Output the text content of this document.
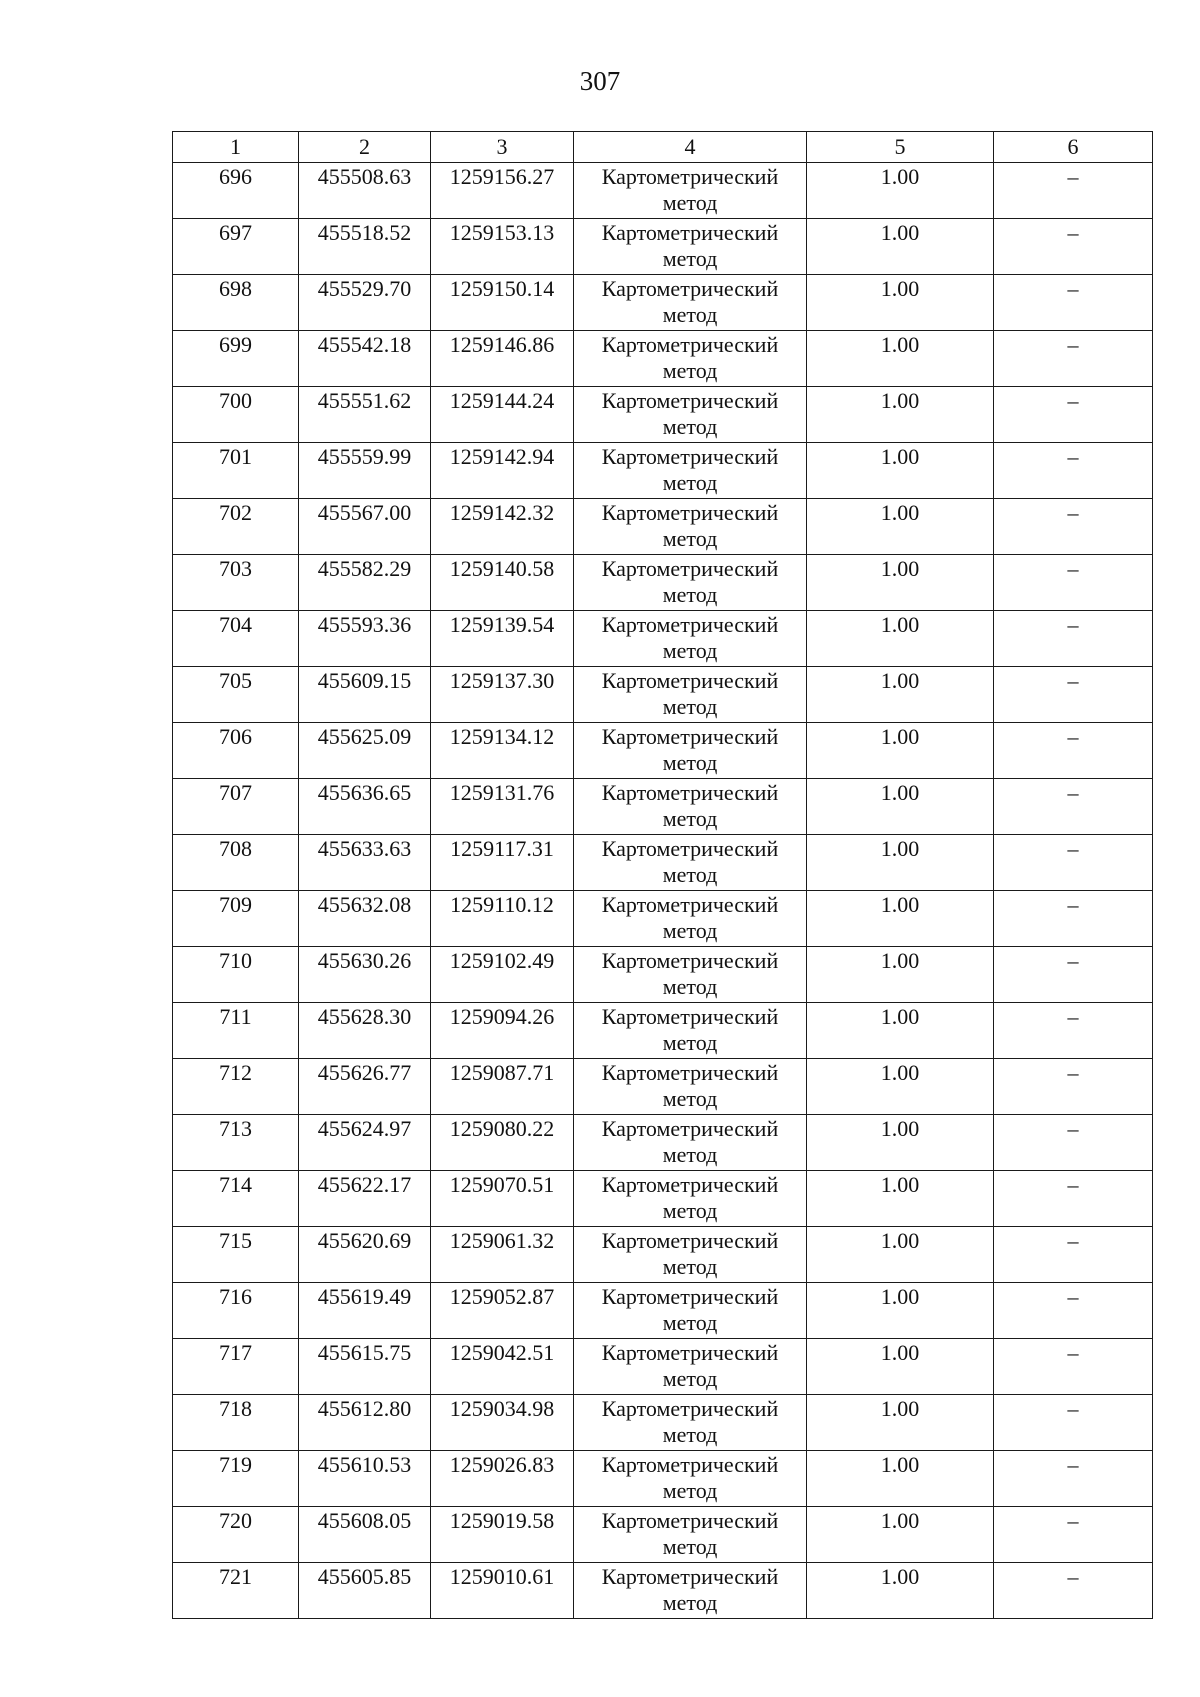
307
1	2	3	4	5	6
696	455508.63	1259156.27	Картометрический метод	1.00	–
697	455518.52	1259153.13	Картометрический метод	1.00	–
698	455529.70	1259150.14	Картометрический метод	1.00	–
699	455542.18	1259146.86	Картометрический метод	1.00	–
700	455551.62	1259144.24	Картометрический метод	1.00	–
701	455559.99	1259142.94	Картометрический метод	1.00	–
702	455567.00	1259142.32	Картометрический метод	1.00	–
703	455582.29	1259140.58	Картометрический метод	1.00	–
704	455593.36	1259139.54	Картометрический метод	1.00	–
705	455609.15	1259137.30	Картометрический метод	1.00	–
706	455625.09	1259134.12	Картометрический метод	1.00	–
707	455636.65	1259131.76	Картометрический метод	1.00	–
708	455633.63	1259117.31	Картометрический метод	1.00	–
709	455632.08	1259110.12	Картометрический метод	1.00	–
710	455630.26	1259102.49	Картометрический метод	1.00	–
711	455628.30	1259094.26	Картометрический метод	1.00	–
712	455626.77	1259087.71	Картометрический метод	1.00	–
713	455624.97	1259080.22	Картометрический метод	1.00	–
714	455622.17	1259070.51	Картометрический метод	1.00	–
715	455620.69	1259061.32	Картометрический метод	1.00	–
716	455619.49	1259052.87	Картометрический метод	1.00	–
717	455615.75	1259042.51	Картометрический метод	1.00	–
718	455612.80	1259034.98	Картометрический метод	1.00	–
719	455610.53	1259026.83	Картометрический метод	1.00	–
720	455608.05	1259019.58	Картометрический метод	1.00	–
721	455605.85	1259010.61	Картометрический метод	1.00	–
